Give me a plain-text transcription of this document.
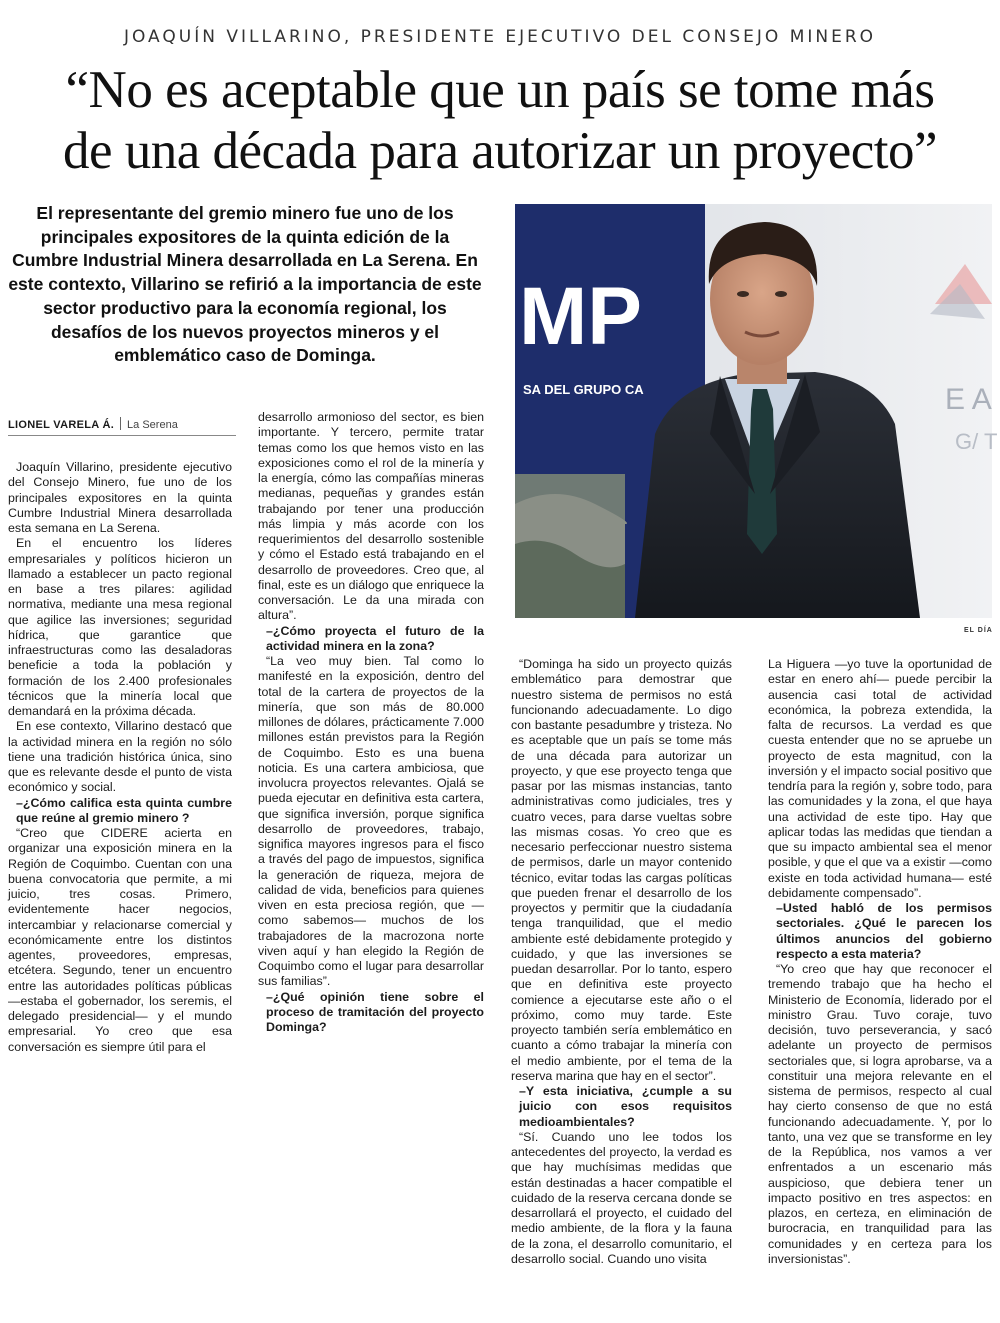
JOAQUÍN VILLARINO, PRESIDENTE EJECUTIVO DEL CONSEJO MINERO
“No es aceptable que un país se tome más
de una década para autorizar un proyecto”
El representante del gremio minero fue uno de los principales expositores de la quinta edición de la Cumbre Industrial Minera desarrollada en La Serena. En este contexto, Villarino se refirió a la importancia de este sector productivo para la economía regional, los desafíos de los nuevos proyectos mineros y el emblemático caso de Dominga.	MP
SA DEL GRUPO CA	E A
G/ T
EL DÍA
LIONEL VARELA Á. La Serena

Joaquín Villarino, presidente ejecutivo del Consejo Minero, fue uno de los principales expositores en la quinta Cumbre Industrial Minera desarrollada esta semana en La Serena.

En el encuentro los líderes empresariales y políticos hicieron un llamado a establecer un pacto regional en base a tres pilares: agilidad normativa, mediante una mesa regional que agilice las inversiones; seguridad hídrica, que garantice que infraestructuras como las desaladoras beneficie a toda la población y formación de los 2.400 profesionales técnicos que la minería local que demandará en la próxima década.

En ese contexto, Villarino destacó que la actividad minera en la región no sólo tiene una tradición histórica única, sino que es relevante desde el punto de vista económico y social.

–¿Cómo califica esta quinta cumbre que reúne al gremio minero ?

“Creo que CIDERE acierta en organizar una exposición minera en la Región de Coquimbo. Cuentan con una buena convocatoria que permite, a mi juicio, tres cosas. Primero, evidentemente hacer negocios, intercambiar y relacionarse comercial y económicamente entre los distintos agentes, proveedores, empresas, etcétera. Segundo, tener un encuentro entre las autoridades políticas públicas —estaba el gobernador, los seremis, el delegado presidencial— y el mundo empresarial. Yo creo que esa conversación es siempre útil para el

desarrollo armonioso del sector, es bien importante. Y tercero, permite tratar temas como los que hemos visto en las exposiciones como el rol de la minería y la energía, cómo las compañías mineras medianas, pequeñas y grandes están trabajando por tener una producción más limpia y más acorde con los requerimientos del desarrollo sostenible y cómo el Estado está trabajando en el desarrollo de proveedores. Creo que, al final, este es un diálogo que enriquece la conversación. Le da una mirada con altura”.

–¿Cómo proyecta el futuro de la actividad minera en la zona?

“La veo muy bien. Tal como lo manifesté en la exposición, dentro del total de la cartera de proyectos de la minería, que son más de 80.000 millones de dólares, prácticamente 7.000 millones están previstos para la Región de Coquimbo. Esto es una buena noticia. Es una cartera ambiciosa, que involucra proyectos relevantes. Ojalá se pueda ejecutar en definitiva esta cartera, que significa inversión, porque significa desarrollo de proveedores, trabajo, significa mayores ingresos para el fisco a través del pago de impuestos, significa la generación de riqueza, mejora de calidad de vida, beneficios para quienes viven en esta preciosa región, que —como sabemos— muchos de los trabajadores de la macrozona norte viven aquí y han elegido la Región de Coquimbo como el lugar para desarrollar sus familias”.

–¿Qué opinión tiene sobre el proceso de tramitación del proyecto Dominga?

“Dominga ha sido un proyecto quizás emblemático para demostrar que nuestro sistema de permisos no está funcionando adecuadamente. Lo digo con bastante pesadumbre y tristeza. No es aceptable que un país se tome más de una década para autorizar un proyecto, y que ese proyecto tenga que pasar por las mismas instancias, tanto administrativas como judiciales, tres y cuatro veces, para darse vueltas sobre las mismas cosas. Yo creo que es necesario perfeccionar nuestro sistema de permisos, darle un mayor contenido técnico, evitar todas las cargas políticas que pueden frenar el desarrollo de los proyectos y permitir que la ciudadanía tenga tranquilidad, que el medio ambiente esté debidamente protegido y cuidado, y que las inversiones se puedan desarrollar. Por lo tanto, espero que en definitiva este proyecto comience a ejecutarse este año o el próximo, como muy tarde. Este proyecto también sería emblemático en cuanto a cómo trabajar la minería con el medio ambiente, por el tema de la reserva marina que hay en el sector”.

–Y esta iniciativa, ¿cumple a su juicio con esos requisitos medioambientales?

“Sí. Cuando uno lee todos los antecedentes del proyecto, la verdad es que hay muchísimas medidas que están destinadas a hacer compatible el cuidado de la reserva cercana donde se desarrollará el proyecto, el cuidado del medio ambiente, de la flora y la fauna de la zona, el desarrollo comunitario, el desarrollo social. Cuando uno visita

La Higuera —yo tuve la oportunidad de estar en enero ahí— puede percibir la ausencia casi total de actividad económica, la pobreza extendida, la falta de recursos. La verdad es que cuesta entender que no se apruebe un proyecto de esta magnitud, con la inversión y el impacto social positivo que tendría para la región y, sobre todo, para las comunidades y la zona, el que haya una actividad de este tipo. Hay que aplicar todas las medidas que tiendan a que su impacto ambiental sea el menor posible, y que el que va a existir —como existe en toda actividad humana— esté debidamente compensado”.

–Usted habló de los permisos sectoriales. ¿Qué le parecen los últimos anuncios del gobierno respecto a esta materia?

“Yo creo que hay que reconocer el tremendo trabajo que ha hecho el Ministerio de Economía, liderado por el ministro Grau. Tuvo coraje, tuvo decisión, tuvo perseverancia, y sacó adelante un proyecto de permisos sectoriales que, si logra aprobarse, va a constituir una mejora relevante en el sistema de permisos, respecto al cual hay cierto consenso de que no está funcionando adecuadamente. Y, por lo tanto, una vez que se transforme en ley de la República, nos vamos a ver enfrentados a un escenario más auspicioso, que debiera tener un impacto positivo en tres aspectos: en plazos, en certeza, en eliminación de burocracia, en tranquilidad para las comunidades y en certeza para los inversionistas”.
